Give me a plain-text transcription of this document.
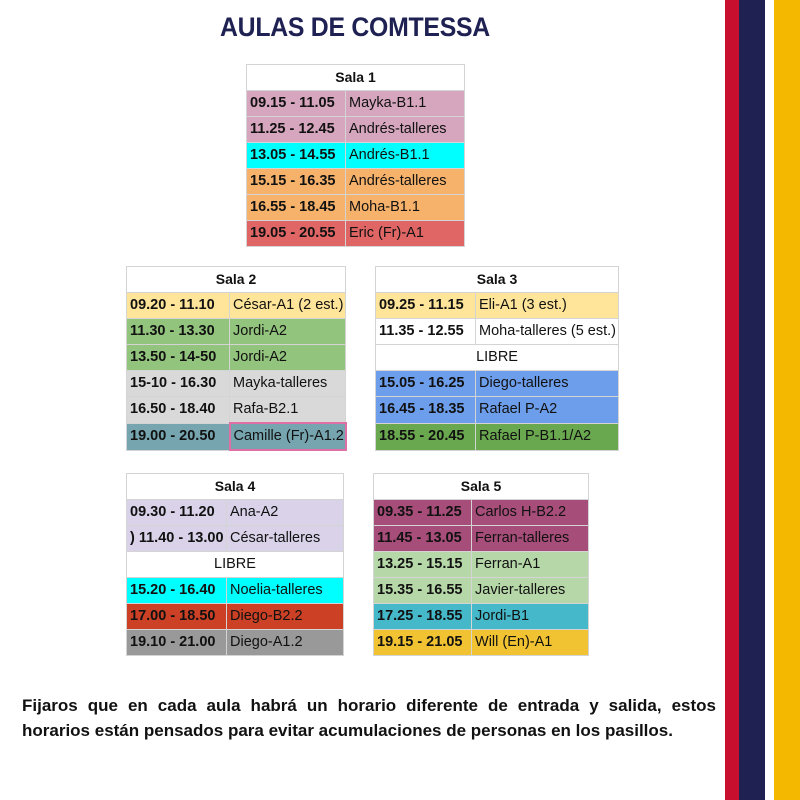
AULAS DE COMTESSA
Sala 1	
09.15 - 11.05	Mayka-B1.1
11.25 - 12.45	Andrés-talleres
13.05 - 14.55	Andrés-B1.1
15.15 - 16.35	Andrés-talleres
16.55 - 18.45	Moha-B1.1
19.05 - 20.55	Eric (Fr)-A1
Sala 2			Sala 3	
09.20 - 11.10	César-A1 (2 est.)		09.25 - 11.15	Eli-A1 (3 est.)
11.30 - 13.30	Jordi-A2		11.35 - 12.55	Moha-talleres (5 est.)
13.50 - 14-50	Jordi-A2		LIBRE	
15-10 - 16.30	Mayka-talleres		15.05 - 16.25	Diego-talleres
16.50 - 18.40	Rafa-B2.1		16.45 - 18.35	Rafael P-A2
19.00 - 20.50	Camille (Fr)-A1.2		18.55 - 20.45	Rafael P-B1.1/A2
Sala 4			Sala 5	
09.30 - 11.20	Ana-A2		09.35 - 11.25	Carlos H-B2.2
) 11.40 - 13.00	César-talleres		11.45 - 13.05	Ferran-talleres
LIBRE			13.25 - 15.15	Ferran-A1
15.20 - 16.40	Noelia-talleres		15.35 - 16.55	Javier-talleres
17.00 - 18.50	Diego-B2.2		17.25 - 18.55	Jordi-B1
19.10 - 21.00	Diego-A1.2		19.15 - 21.05	Will (En)-A1

Fijaros que en cada aula habrá un horario diferente de entrada y salida, estos horarios están pensados para evitar acumulaciones de personas en los pasillos.
